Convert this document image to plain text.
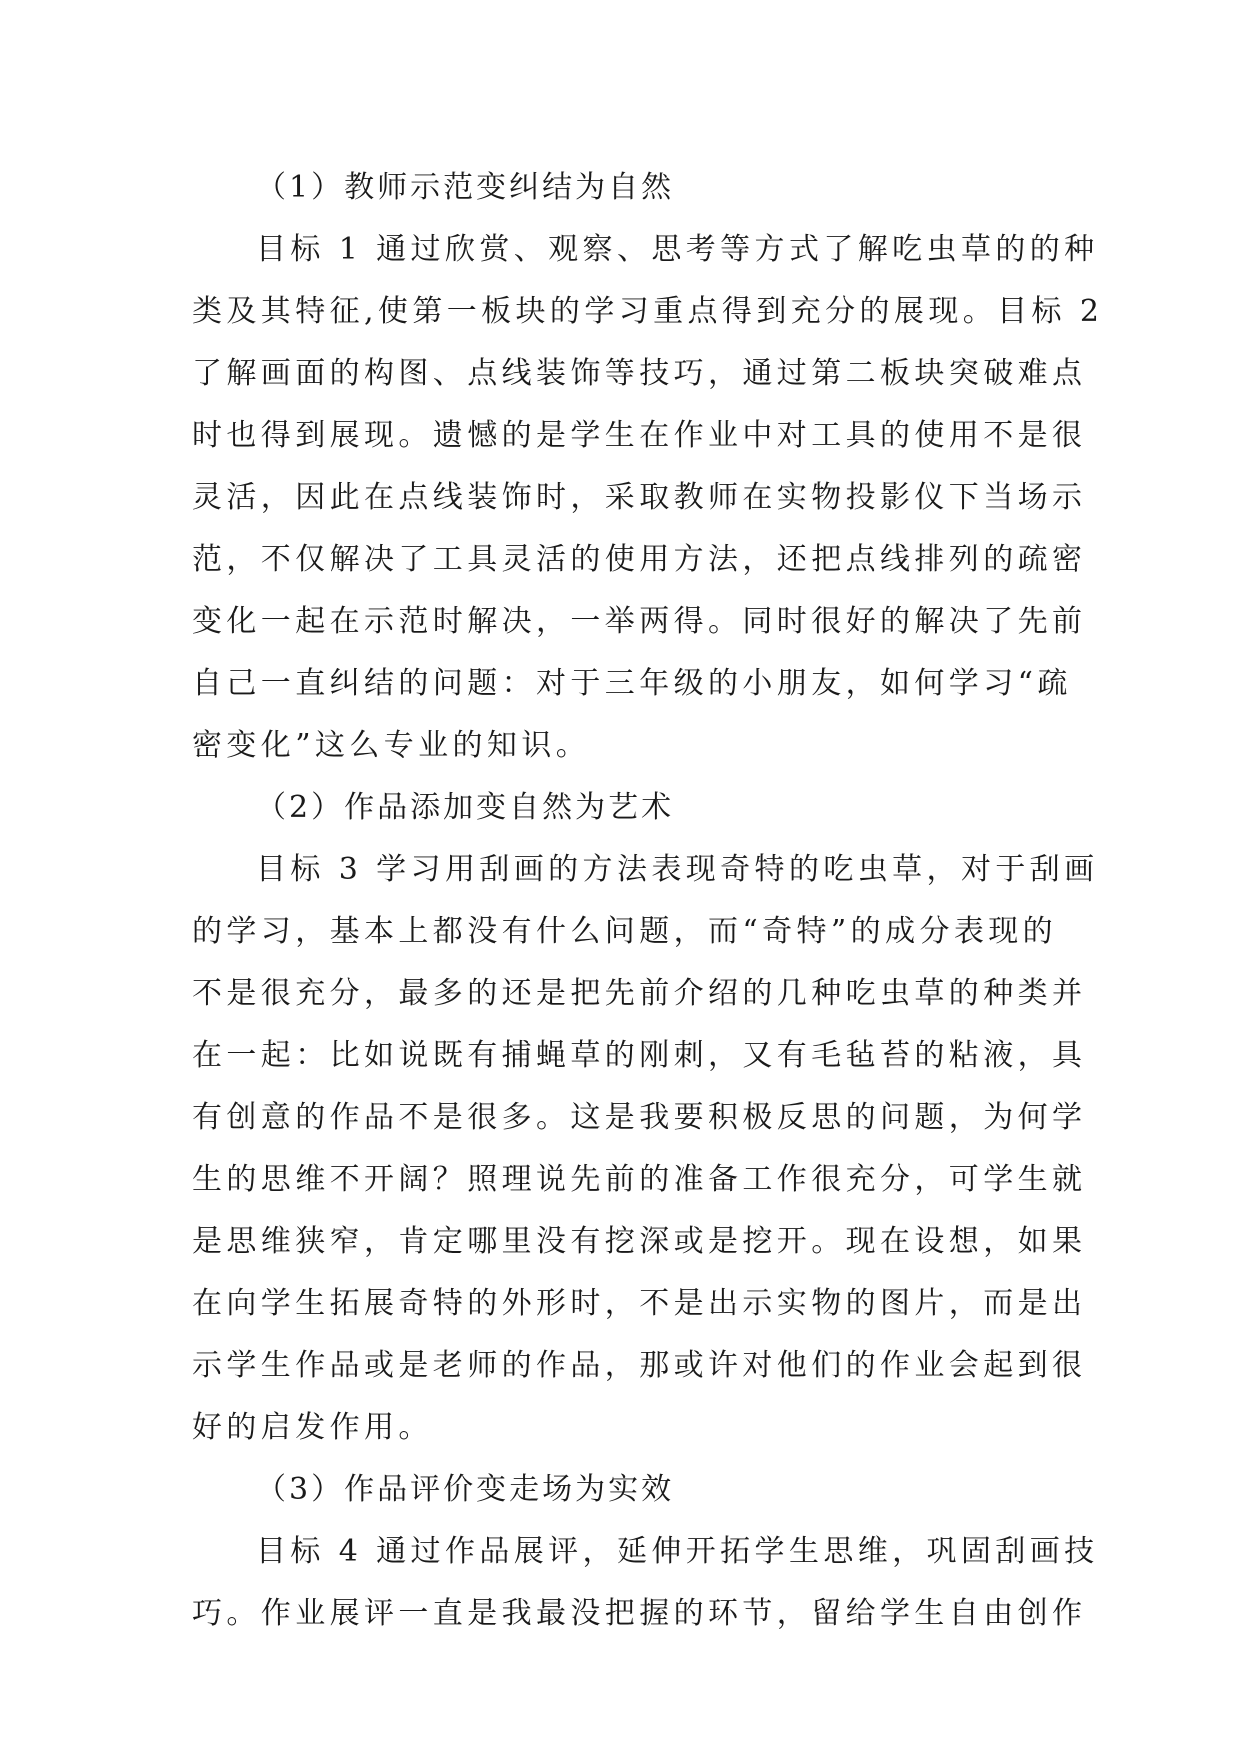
（1）教师示范变纠结为自然
目标 1 通过欣赏、观察、思考等方式了解吃虫草的的种
类及其特征,使第一板块的学习重点得到充分的展现。目标 2
了解画面的构图、点线装饰等技巧，通过第二板块突破难点
时也得到展现。遗憾的是学生在作业中对工具的使用不是很
灵活，因此在点线装饰时，采取教师在实物投影仪下当场示
范，不仅解决了工具灵活的使用方法，还把点线排列的疏密
变化一起在示范时解决，一举两得。同时很好的解决了先前
自己一直纠结的问题：对于三年级的小朋友，如何学习“疏
密变化”这么专业的知识。
（2）作品添加变自然为艺术
目标 3 学习用刮画的方法表现奇特的吃虫草，对于刮画
的学习，基本上都没有什么问题，而“奇特”的成分表现的
不是很充分，最多的还是把先前介绍的几种吃虫草的种类并
在一起：比如说既有捕蝇草的刚刺，又有毛毡苔的粘液，具
有创意的作品不是很多。这是我要积极反思的问题，为何学
生的思维不开阔？照理说先前的准备工作很充分，可学生就
是思维狭窄，肯定哪里没有挖深或是挖开。现在设想，如果
在向学生拓展奇特的外形时，不是出示实物的图片，而是出
示学生作品或是老师的作品，那或许对他们的作业会起到很
好的启发作用。
（3）作品评价变走场为实效
目标 4 通过作品展评，延伸开拓学生思维，巩固刮画技
巧。作业展评一直是我最没把握的环节，留给学生自由创作
